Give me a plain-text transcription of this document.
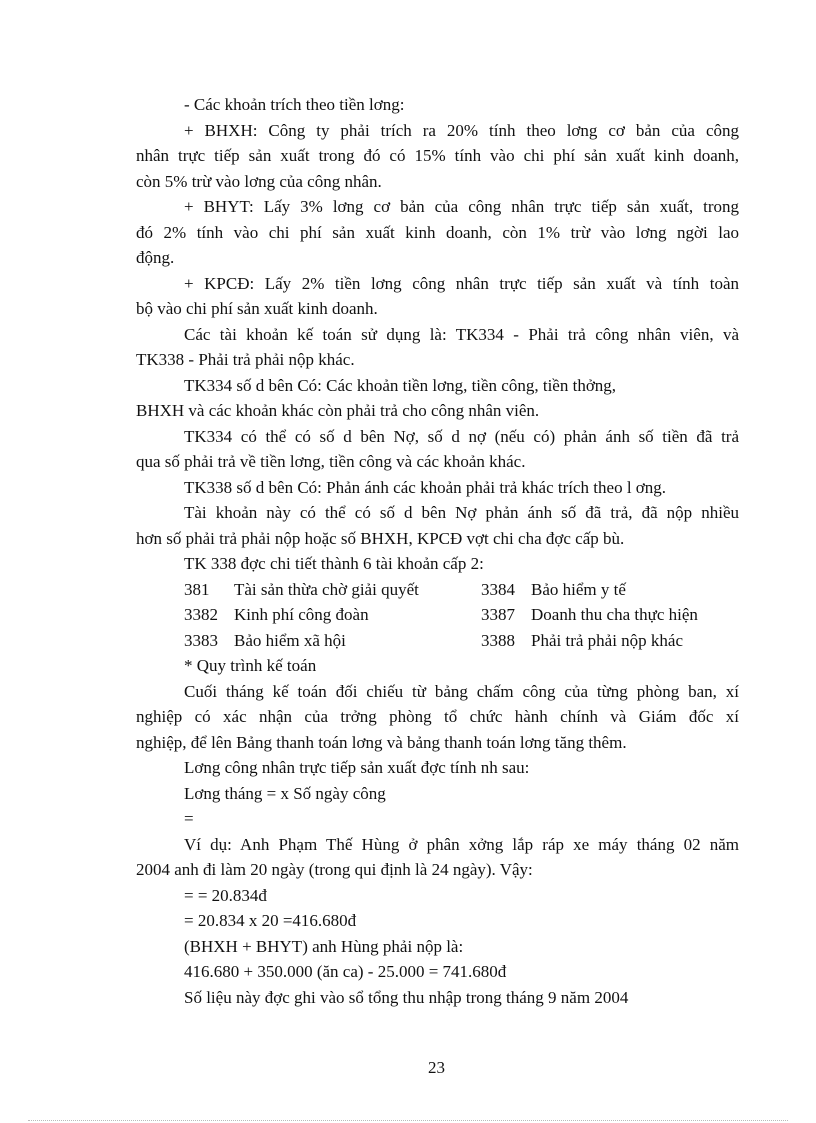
- Các khoản trích theo tiền lơng:
+ BHXH: Công ty phải trích ra 20% tính theo lơng cơ bản của công
nhân trực tiếp sản xuất trong đó có 15% tính vào chi phí sản xuất kinh doanh,
còn 5% trừ vào lơng của công nhân.
+ BHYT: Lấy 3% lơng cơ bản của công nhân trực tiếp sản xuất, trong
đó 2% tính vào chi phí sản xuất kinh doanh, còn 1% trừ vào lơng ngời lao
động.
+ KPCĐ: Lấy 2% tiền lơng công nhân trực tiếp sản xuất và tính toàn
bộ vào chi phí sản xuất kinh doanh.
Các tài khoản kế toán sử dụng là: TK334 - Phải trả công nhân viên, và
TK338 - Phải trả phải nộp khác.
TK334 số d bên Có: Các khoản tiền lơng, tiền công, tiền thởng,
BHXH và các khoản khác còn phải trả cho công nhân viên.
TK334 có thể có số d bên Nợ, số d nợ (nếu có) phản ánh số tiền đã trả
qua số phải trả về tiền lơng, tiền công và các khoản khác.
TK338 số d bên Có: Phản ánh các khoản phải trả khác trích theo l ơng.
Tài khoản này có thể có số d bên Nợ phản ánh số đã trả, đã nộp nhiều
hơn số phải trả phải nộp hoặc số BHXH, KPCĐ vợt chi cha đợc cấp bù.
TK 338 đợc chi tiết thành 6 tài khoản cấp 2:
381 Tài sản thừa chờ giải quyết	3384 Bảo hiểm y tế
3382 Kinh phí công đoàn	3387 Doanh thu cha thực hiện
3383 Bảo hiểm xã hội	3388 Phải trả phải nộp khác
* Quy trình kế toán
Cuối tháng kế toán đối chiếu từ bảng chấm công của từng phòng ban, xí
nghiệp có xác nhận của trởng phòng tổ chức hành chính và Giám đốc xí
nghiệp, để lên Bảng thanh toán lơng và bảng thanh toán lơng tăng thêm.
Lơng công nhân trực tiếp sản xuất đợc tính nh sau:
Lơng tháng = x Số ngày công
=
Ví dụ: Anh Phạm Thế Hùng ở phân xởng lắp ráp xe máy tháng 02 năm
2004 anh đi làm 20 ngày (trong qui định là 24 ngày). Vậy:
= = 20.834đ
= 20.834 x 20 =416.680đ
(BHXH + BHYT) anh Hùng phải nộp là:
416.680 + 350.000 (ăn ca) - 25.000 = 741.680đ
Số liệu này đợc ghi vào sổ tổng thu nhập trong tháng 9 năm 2004
23
